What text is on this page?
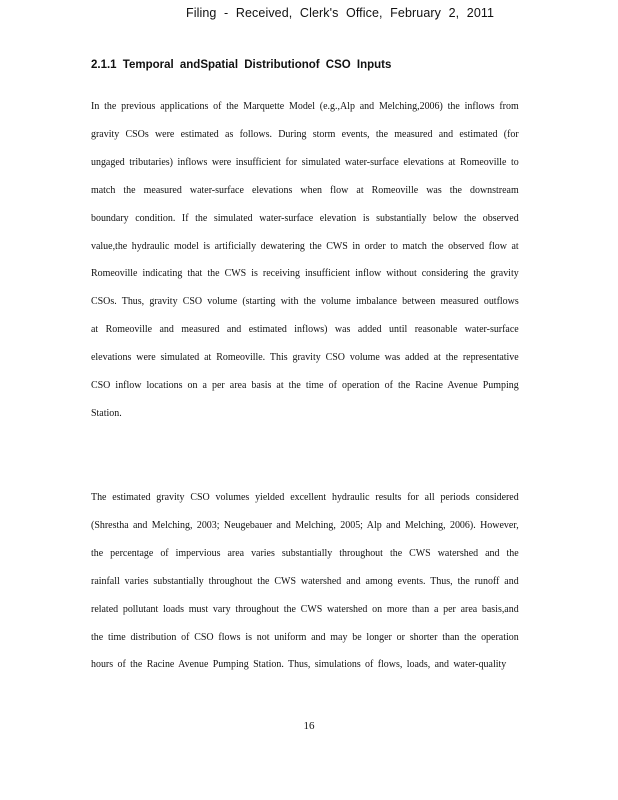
Filing - Received, Clerk's Office, February 2, 2011
2.1.1 Temporal andSpatial Distributionof CSO Inputs

In the previous applications of the Marquette Model (e.g.,Alp and Melching,2006) the inflows from gravity CSOs were estimated as follows. During storm events, the measured and estimated (for ungaged tributaries) inflows were insufficient for simulated water-surface elevations at Romeoville to match the measured water-surface elevations when flow at Romeoville was the downstream boundary condition. If the simulated water-surface elevation is substantially below the observed value,the hydraulic model is artificially dewatering the CWS in order to match the observed flow at Romeoville indicating that the CWS is receiving insufficient inflow without considering the gravity CSOs. Thus, gravity CSO volume (starting with the volume imbalance between measured outflows at Romeoville and measured and estimated inflows) was added until reasonable water-surface elevations were simulated at Romeoville. This gravity CSO volume was added at the representative CSO inflow locations on a per area basis at the time of operation of the Racine Avenue Pumping Station.

The estimated gravity CSO volumes yielded excellent hydraulic results for all periods considered (Shrestha and Melching, 2003; Neugebauer and Melching, 2005; Alp and Melching, 2006). However, the percentage of impervious area varies substantially throughout the CWS watershed and the rainfall varies substantially throughout the CWS watershed and among events. Thus, the runoff and related pollutant loads must vary throughout the CWS watershed on more than a per area basis,and the time distribution of CSO flows is not uniform and may be longer or shorter than the operation hours of the Racine Avenue Pumping Station. Thus, simulations of flows, loads, and water-quality

16
